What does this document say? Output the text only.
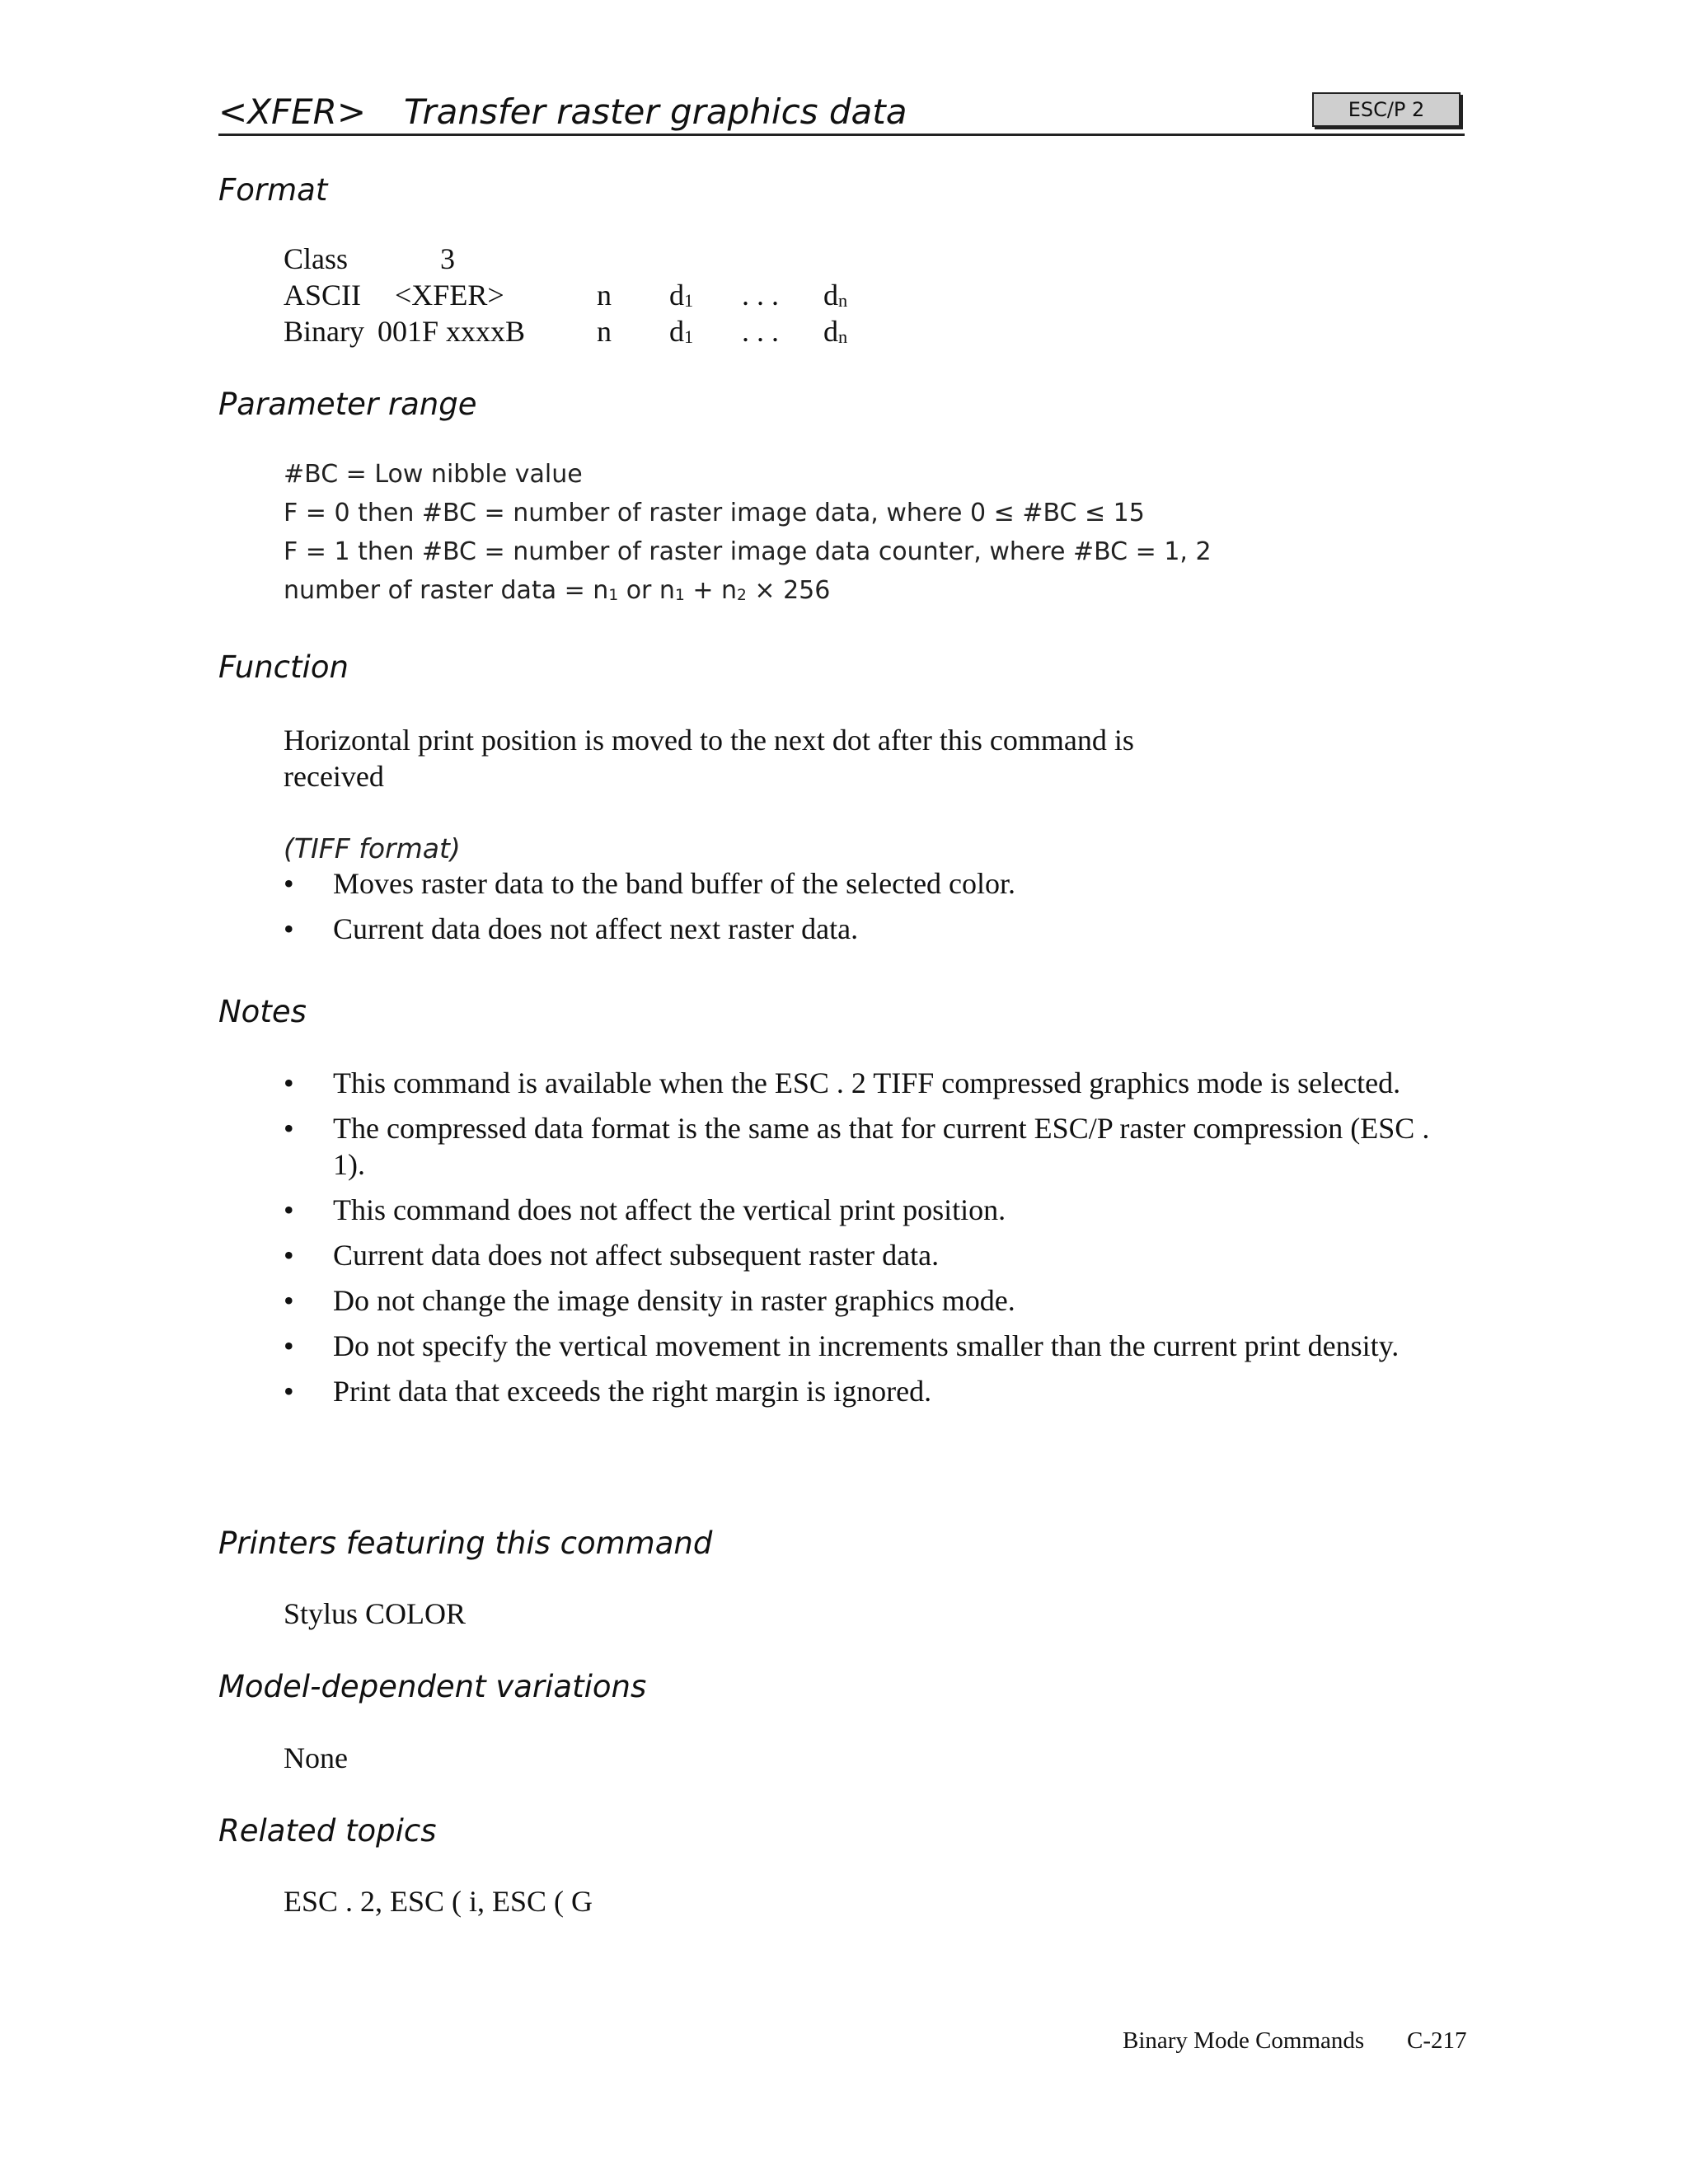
<XFER> Transfer raster graphics data	ESC/P 2
Format
Class	3
ASCII <XFER>	n $d_1$ . . . $d_n$
Binary 001F xxxxB n $d_1$ . . . $d_n$
Parameter range
#BC = Low nibble value
F = 0 then #BC = number of raster image data, where 0 ≤ #BC ≤ 15
F = 1 then #BC = number of raster image data counter, where #BC = 1, 2
number of raster data = $n_1$ or $n_1 + n_2 \times 256$
Function

Horizontal print position is moved to the next dot after this command is received

(TIFF format)
•	Moves raster data to the band buffer of the selected color.
•	Current data does not affect next raster data.
Notes
•	This command is available when the ESC . 2 TIFF compressed graphics mode is selected.
•	The compressed data format is the same as that for current ESC/P raster compression (ESC . 1).
•	This command does not affect the vertical print position.
•	Current data does not affect subsequent raster data.
•	Do not change the image density in raster graphics mode.
•	Do not specify the vertical movement in increments smaller than the current print density.
•	Print data that exceeds the right margin is ignored.
Printers featuring this command
Stylus COLOR
Model-dependent variations
None
Related topics
ESC . 2, ESC ( i, ESC ( G
Binary Mode Commands C-217
